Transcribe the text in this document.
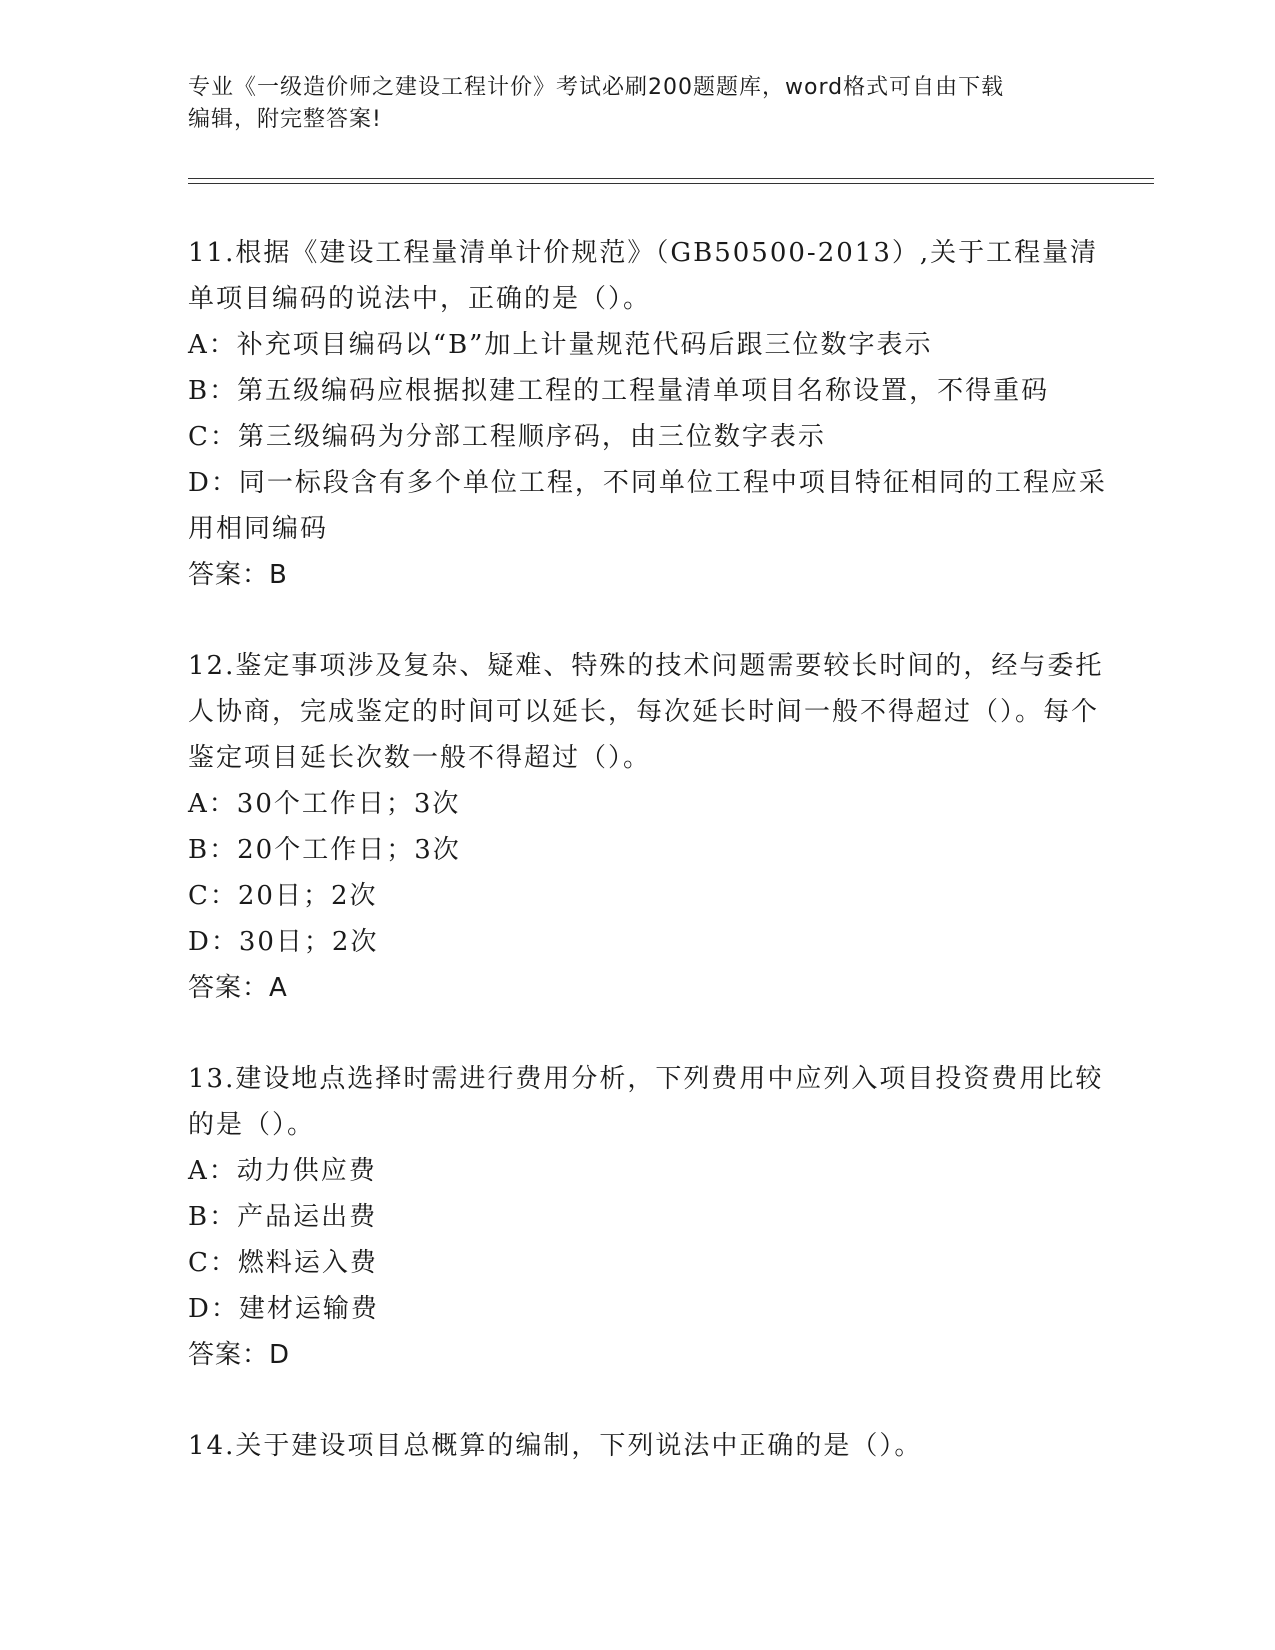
专业《一级造价师之建设工程计价》考试必刷200题题库，word格式可自由下载
编辑，附完整答案!

11.根据《建设工程量清单计价规范》（GB50500-2013）,关于工程量清单项目编码的说法中，正确的是（）。

A：补充项目编码以“B”加上计量规范代码后跟三位数字表示

B：第五级编码应根据拟建工程的工程量清单项目名称设置，不得重码

C：第三级编码为分部工程顺序码，由三位数字表示

D：同一标段含有多个单位工程，不同单位工程中项目特征相同的工程应采用相同编码

答案：B

12.鉴定事项涉及复杂、疑难、特殊的技术问题需要较长时间的，经与委托人协商，完成鉴定的时间可以延长，每次延长时间一般不得超过（）。每个鉴定项目延长次数一般不得超过（）。

A：30个工作日；3次

B：20个工作日；3次

C：20日；2次

D：30日；2次

答案：A

13.建设地点选择时需进行费用分析，下列费用中应列入项目投资费用比较的是（）。

A：动力供应费

B：产品运出费

C：燃料运入费

D：建材运输费

答案：D

14.关于建设项目总概算的编制，下列说法中正确的是（）。
